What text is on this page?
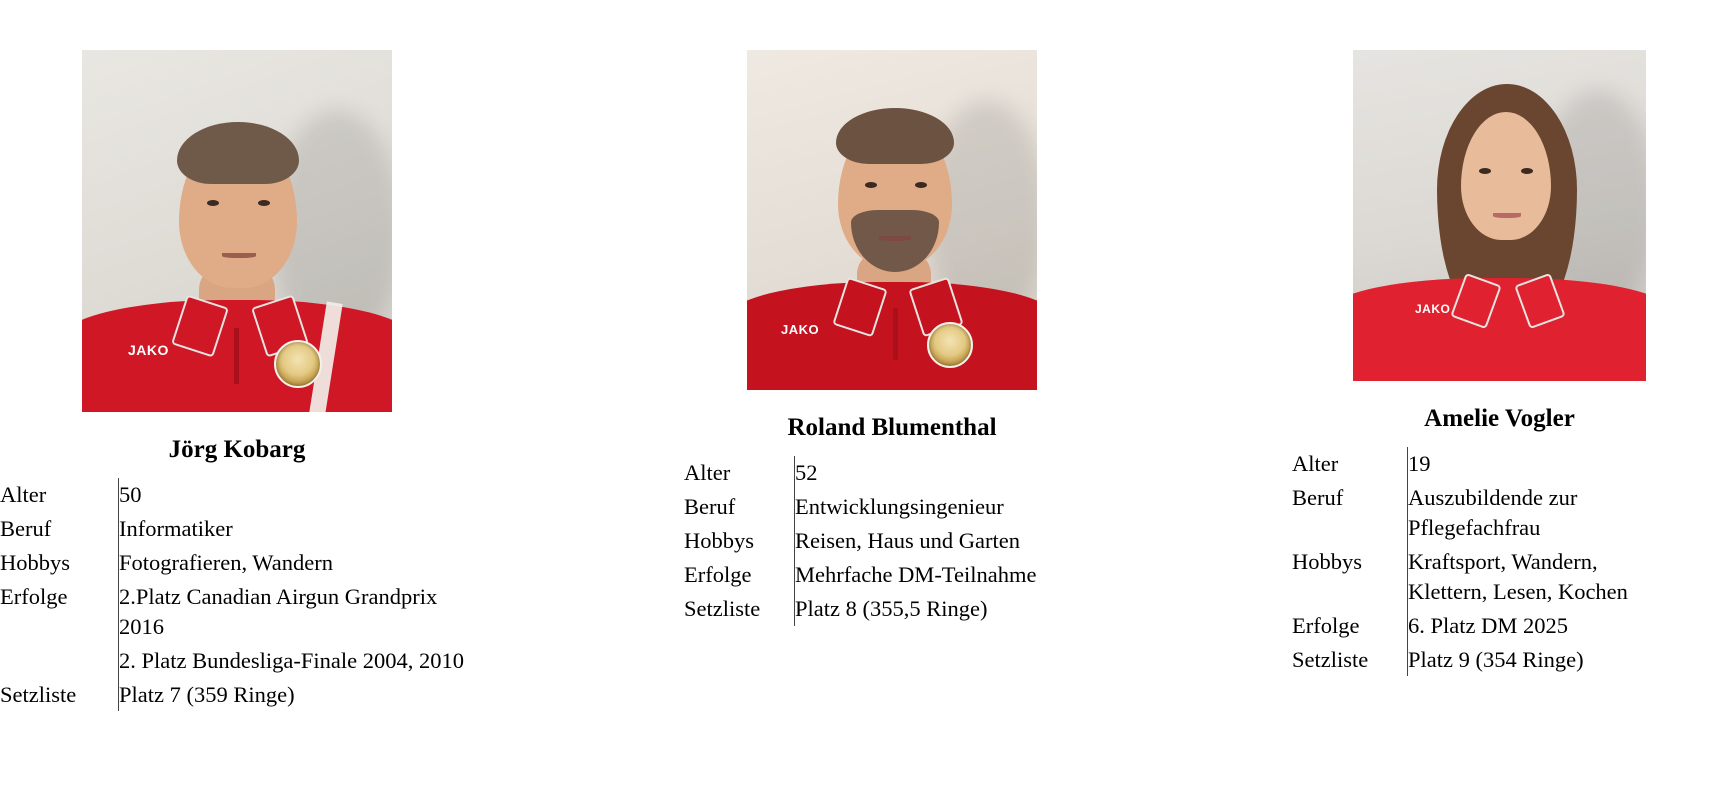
JAKO
Jörg Kobarg
Alter	50
Beruf	Informatiker
Hobbys	Fotografieren, Wandern
Erfolge	2.Platz Canadian Airgun Grandprix 2016
	2. Platz Bundesliga-Finale 2004, 2010
Setzliste	Platz 7 (359 Ringe)
JAKO
Roland Blumenthal
Alter	52
Beruf	Entwicklungsingenieur
Hobbys	Reisen, Haus und Garten
Erfolge	Mehrfache DM-Teilnahme
Setzliste	Platz 8 (355,5 Ringe)
JAKO
Amelie Vogler
Alter	19
Beruf	Auszubildende zur Pflegefachfrau
Hobbys	Kraftsport, Wandern, Klettern, Lesen, Kochen
Erfolge	6. Platz DM 2025
Setzliste	Platz 9 (354 Ringe)
